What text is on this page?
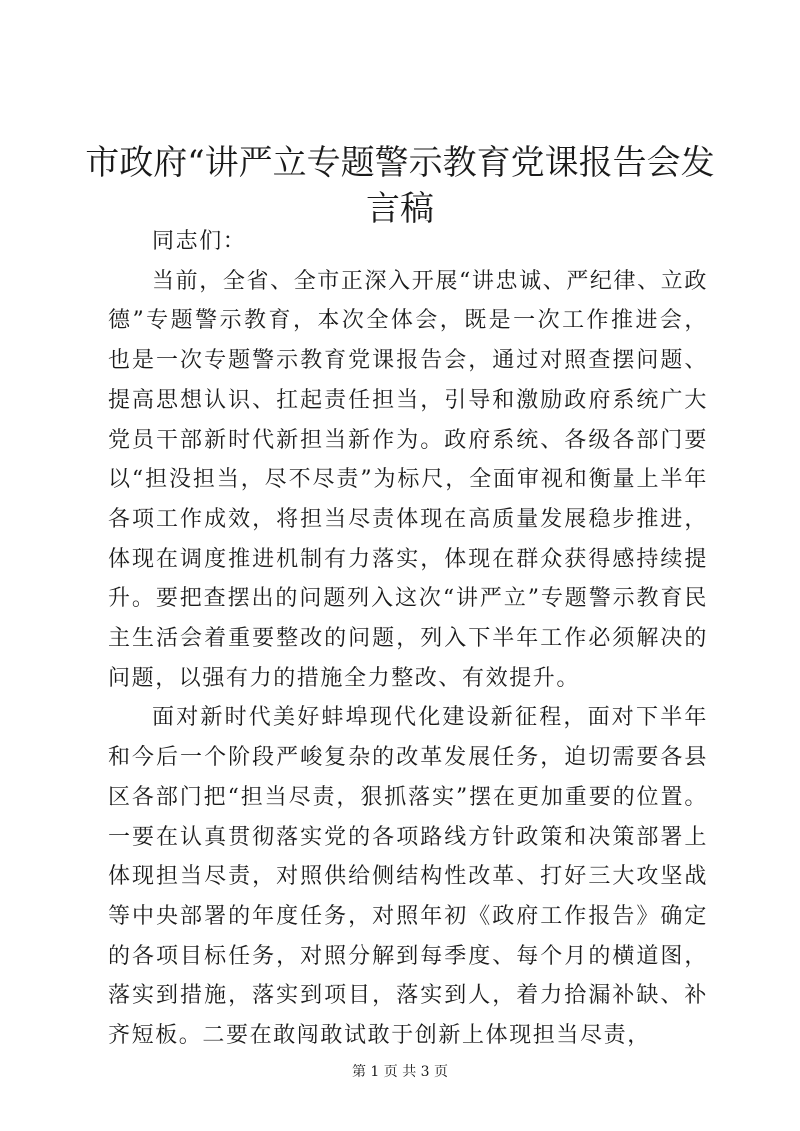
市政府“讲严立专题警示教育党课报告会发言稿

同志们：

当前，全省、全市正深入开展“讲忠诚、严纪律、立政德”专题警示教育，本次全体会，既是一次工作推进会，也是一次专题警示教育党课报告会，通过对照查摆问题、提高思想认识、扛起责任担当，引导和激励政府系统广大党员干部新时代新担当新作为。政府系统、各级各部门要以“担没担当，尽不尽责”为标尺，全面审视和衡量上半年各项工作成效，将担当尽责体现在高质量发展稳步推进，体现在调度推进机制有力落实，体现在群众获得感持续提升。要把查摆出的问题列入这次“讲严立”专题警示教育民主生活会着重要整改的问题，列入下半年工作必须解决的问题，以强有力的措施全力整改、有效提升。

面对新时代美好蚌埠现代化建设新征程，面对下半年和今后一个阶段严峻复杂的改革发展任务，迫切需要各县区各部门把“担当尽责，狠抓落实”摆在更加重要的位置。一要在认真贯彻落实党的各项路线方针政策和决策部署上体现担当尽责，对照供给侧结构性改革、打好三大攻坚战等中央部署的年度任务，对照年初《政府工作报告》确定的各项目标任务，对照分解到每季度、每个月的横道图，落实到措施，落实到项目，落实到人，着力拾漏补缺、补齐短板。二要在敢闯敢试敢于创新上体现担当尽责，

第 1 页 共 3 页
